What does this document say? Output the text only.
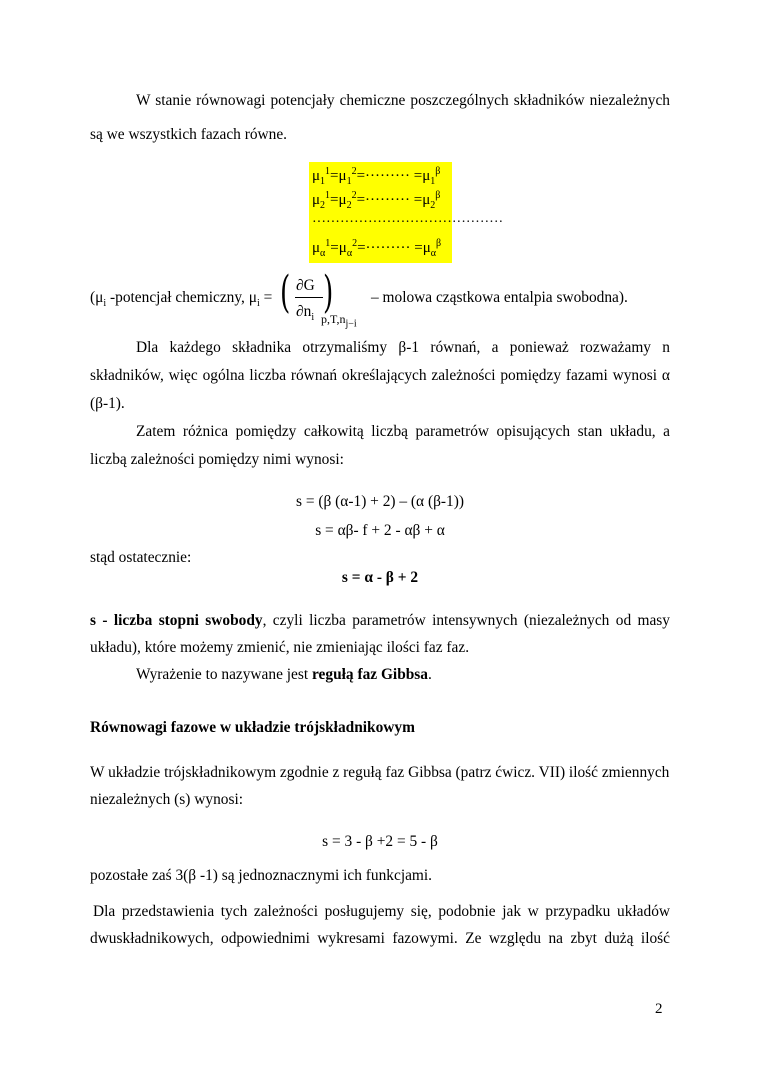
W stanie równowagi potencjały chemiczne poszczególnych składników niezależnych
są we wszystkich fazach równe.
$\mu_1^1=\mu_1^2=\cdot\cdot\cdot\cdot\cdot\cdot\cdot\cdot\cdot =\mu_1^\beta$
$\mu_2^1=\mu_2^2=\cdot\cdot\cdot\cdot\cdot\cdot\cdot\cdot\cdot =\mu_2^\beta$
·········································
$\mu_\alpha^1=\mu_\alpha^2=\cdot\cdot\cdot\cdot\cdot\cdot\cdot\cdot\cdot =\mu_\alpha^\beta$
($\mu_i$ -potencjał chemiczny, $\mu_i$ = ( ∂G
$\partial n_i$ )
$p,T,n_{j-i}$
– molowa cząstkowa entalpia swobodna).
Dla każdego składnika otrzymaliśmy β-1 równań, a ponieważ rozważamy n
składników, więc ogólna liczba równań określających zależności pomiędzy fazami wynosi α
(β-1).
Zatem różnica pomiędzy całkowitą liczbą parametrów opisujących stan układu, a
liczbą zależności pomiędzy nimi wynosi:
s = (β (α-1) + 2) – (α (β-1))
s = αβ- f + 2 - αβ + α
stąd ostatecznie:
s = α - β + 2
s - liczba stopni swobody, czyli liczba parametrów intensywnych (niezależnych od masy
układu), które możemy zmienić, nie zmieniając ilości faz faz.
Wyrażenie to nazywane jest regułą faz Gibbsa.
Równowagi fazowe w układzie trójskładnikowym
W układzie trójskładnikowym zgodnie z regułą faz Gibbsa (patrz ćwicz. VII) ilość zmiennych
niezależnych (s) wynosi:
s = 3 - β +2 = 5 - β
pozostałe zaś 3(β -1) są jednoznacznymi ich funkcjami.
Dla przedstawienia tych zależności posługujemy się, podobnie jak w przypadku układów
dwuskładnikowych, odpowiednimi wykresami fazowymi. Ze względu na zbyt dużą ilość
2
